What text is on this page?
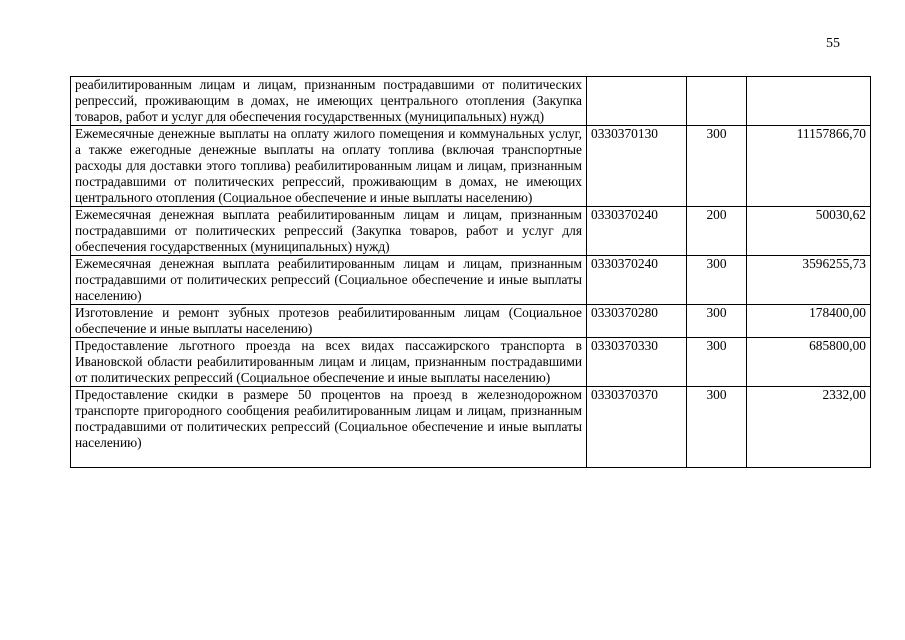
55
реабилитированным лицам и лицам, признанным пострадавшими от политических репрессий, проживающим в домах, не имеющих центрального отопления (Закупка товаров, работ и услуг для обеспечения государственных (муниципальных) нужд)			
Ежемесячные денежные выплаты на оплату жилого помещения и коммунальных услуг, а также ежегодные денежные выплаты на оплату топлива (включая транспортные расходы для доставки этого топлива) реабилитированным лицам и лицам, признанным пострадавшими от политических репрессий, проживающим в домах, не имеющих центрального отопления (Социальное обеспечение и иные выплаты населению)	0330370130	300	11157866,70
Ежемесячная денежная выплата реабилитированным лицам и лицам, признанным пострадавшими от политических репрессий (Закупка товаров, работ и услуг для обеспечения государственных (муниципальных) нужд)	0330370240	200	50030,62
Ежемесячная денежная выплата реабилитированным лицам и лицам, признанным пострадавшими от политических репрессий (Социальное обеспечение и иные выплаты населению)	0330370240	300	3596255,73
Изготовление и ремонт зубных протезов реабилитированным лицам (Социальное обеспечение и иные выплаты населению)	0330370280	300	178400,00
Предоставление льготного проезда на всех видах пассажирского транспорта в Ивановской области реабилитированным лицам и лицам, признанным пострадавшими от политических репрессий (Социальное обеспечение и иные выплаты населению)	0330370330	300	685800,00
Предоставление скидки в размере 50 процентов на проезд в железнодорожном транспорте пригородного сообщения реабилитированным лицам и лицам, признанным пострадавшими от политических репрессий (Социальное обеспечение и иные выплаты населению)	0330370370	300	2332,00
